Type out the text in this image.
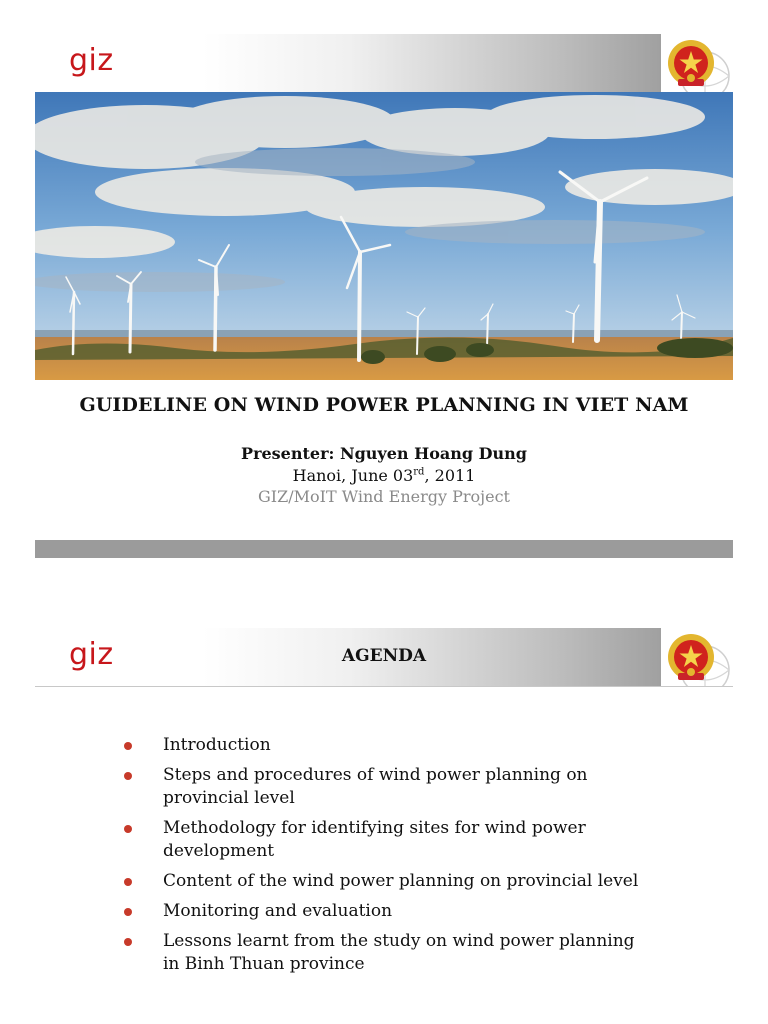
giz
GUIDELINE ON WIND POWER PLANNING IN VIET NAM
Presenter: Nguyen Hoang Dung
Hanoi, June 03rd, 2011
GIZ/MoIT Wind Energy Project
giz	AGENDA
Introduction
Steps and procedures of wind power planning on
provincial level
Methodology for identifying sites for wind power
development
Content of the wind power planning on provincial level
Monitoring and evaluation
Lessons learnt from the study on wind power planning
in Binh Thuan province
